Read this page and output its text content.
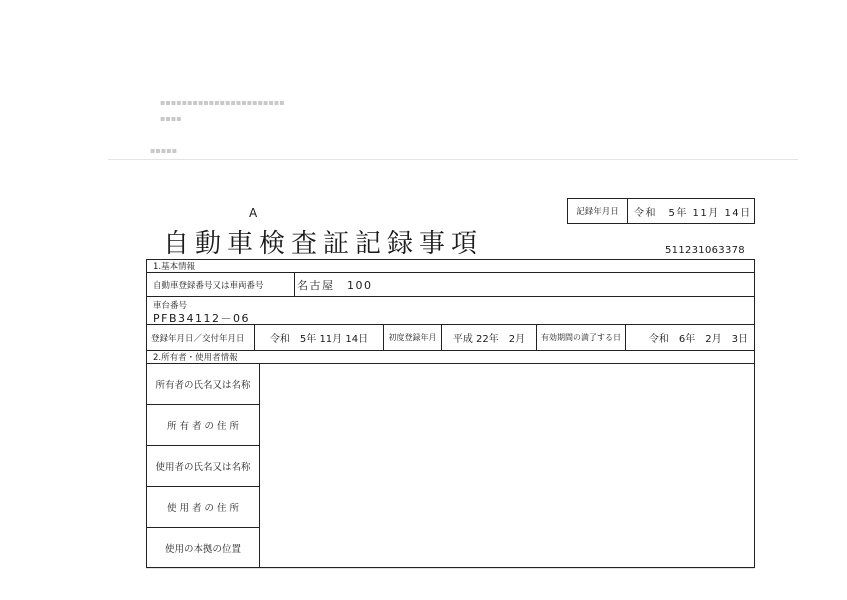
▪▪▪▪▪▪▪▪▪▪▪▪▪▪▪▪▪▪▪▪▪▪▪
▪▪▪▪
▪▪▪▪▪
A
自動車検査証記録事項	511231063378
記録年月日	令和　5年 11月 14日
1.基本情報
自動車登録番号又は車両番号	名古屋　100
車台番号
PFB34112－06
登録年月日／交付年月日	令和　5年 11月 14日	初度登録年月	平成 22年　2月	有効期間の満了する日	令和　6年　2月　3日
2.所有者・使用者情報
所有者の氏名又は名称
所 有 者 の 住 所
使用者の氏名又は名称
使 用 者 の 住 所
使用の本拠の位置
